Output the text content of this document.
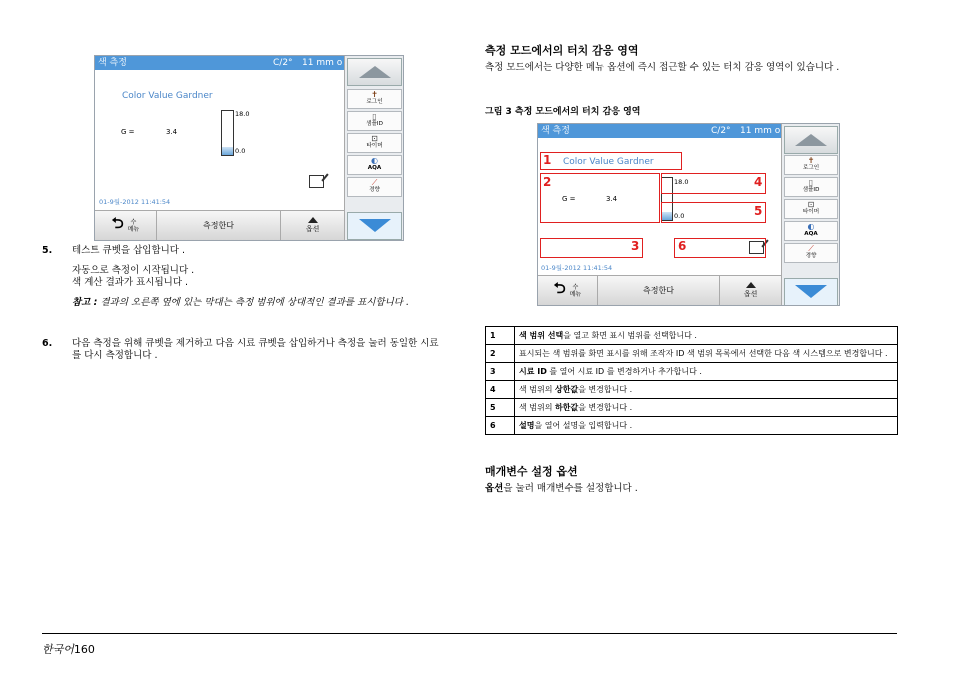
색 측정	C/2° 11 mm o
Color Value Gardner
G =	3.4
18.0
0.0
01-9월-2012 11:41:54
⮌	수
메뉴	측정한다	옵션
✝
로그인
▯
샘플ID
⊡
타이머
◐
AQA
⟋
경향
5. 테스트 큐벳을 삽입합니다 .
자동으로 측정이 시작됩니다 .
색 계산 결과가 표시됩니다 .
참고 : 결과의 오른쪽 옆에 있는 막대는 측정 범위에 상대적인 결과를 표시합니다 .
6. 다음 측정을 위해 큐벳을 제거하고 다음 시료 큐벳을 삽입하거나 측정을 눌러 동일한 시료를 다시 측정합니다 .
측정 모드에서의 터치 감응 영역
측정 모드에서는 다양한 메뉴 옵션에 즉시 접근할 수 있는 터치 감응 영역이 있습니다 .
그림 3 측정 모드에서의 터치 감응 영역
색 측정	C/2° 11 mm o
Color Value Gardner
G =	3.4
18.0
0.0
01-9월-2012 11:41:54
⮌	수
메뉴	측정한다	옵션
✝
로그인
▯
샘플ID
⊡
타이머
◐
AQA
⟋
경향
1
2	4
5
3	6
1	색 범위 선택을 열고 화면 표시 범위를 선택합니다 .
2	표시되는 색 범위를 화면 표시를 위해 조작자 ID 색 범위 목록에서 선택한 다음 색 시스템으로 변경합니다 .
3	시료 ID 를 열어 시료 ID 를 변경하거나 추가합니다 .
4	색 범위의 상한값을 변경합니다 .
5	색 범위의 하한값을 변경합니다 .
6	설명을 열어 설명을 입력합니다 .
매개변수 설정 옵션
옵션을 눌러 매개변수를 설정합니다 .
한국어160
